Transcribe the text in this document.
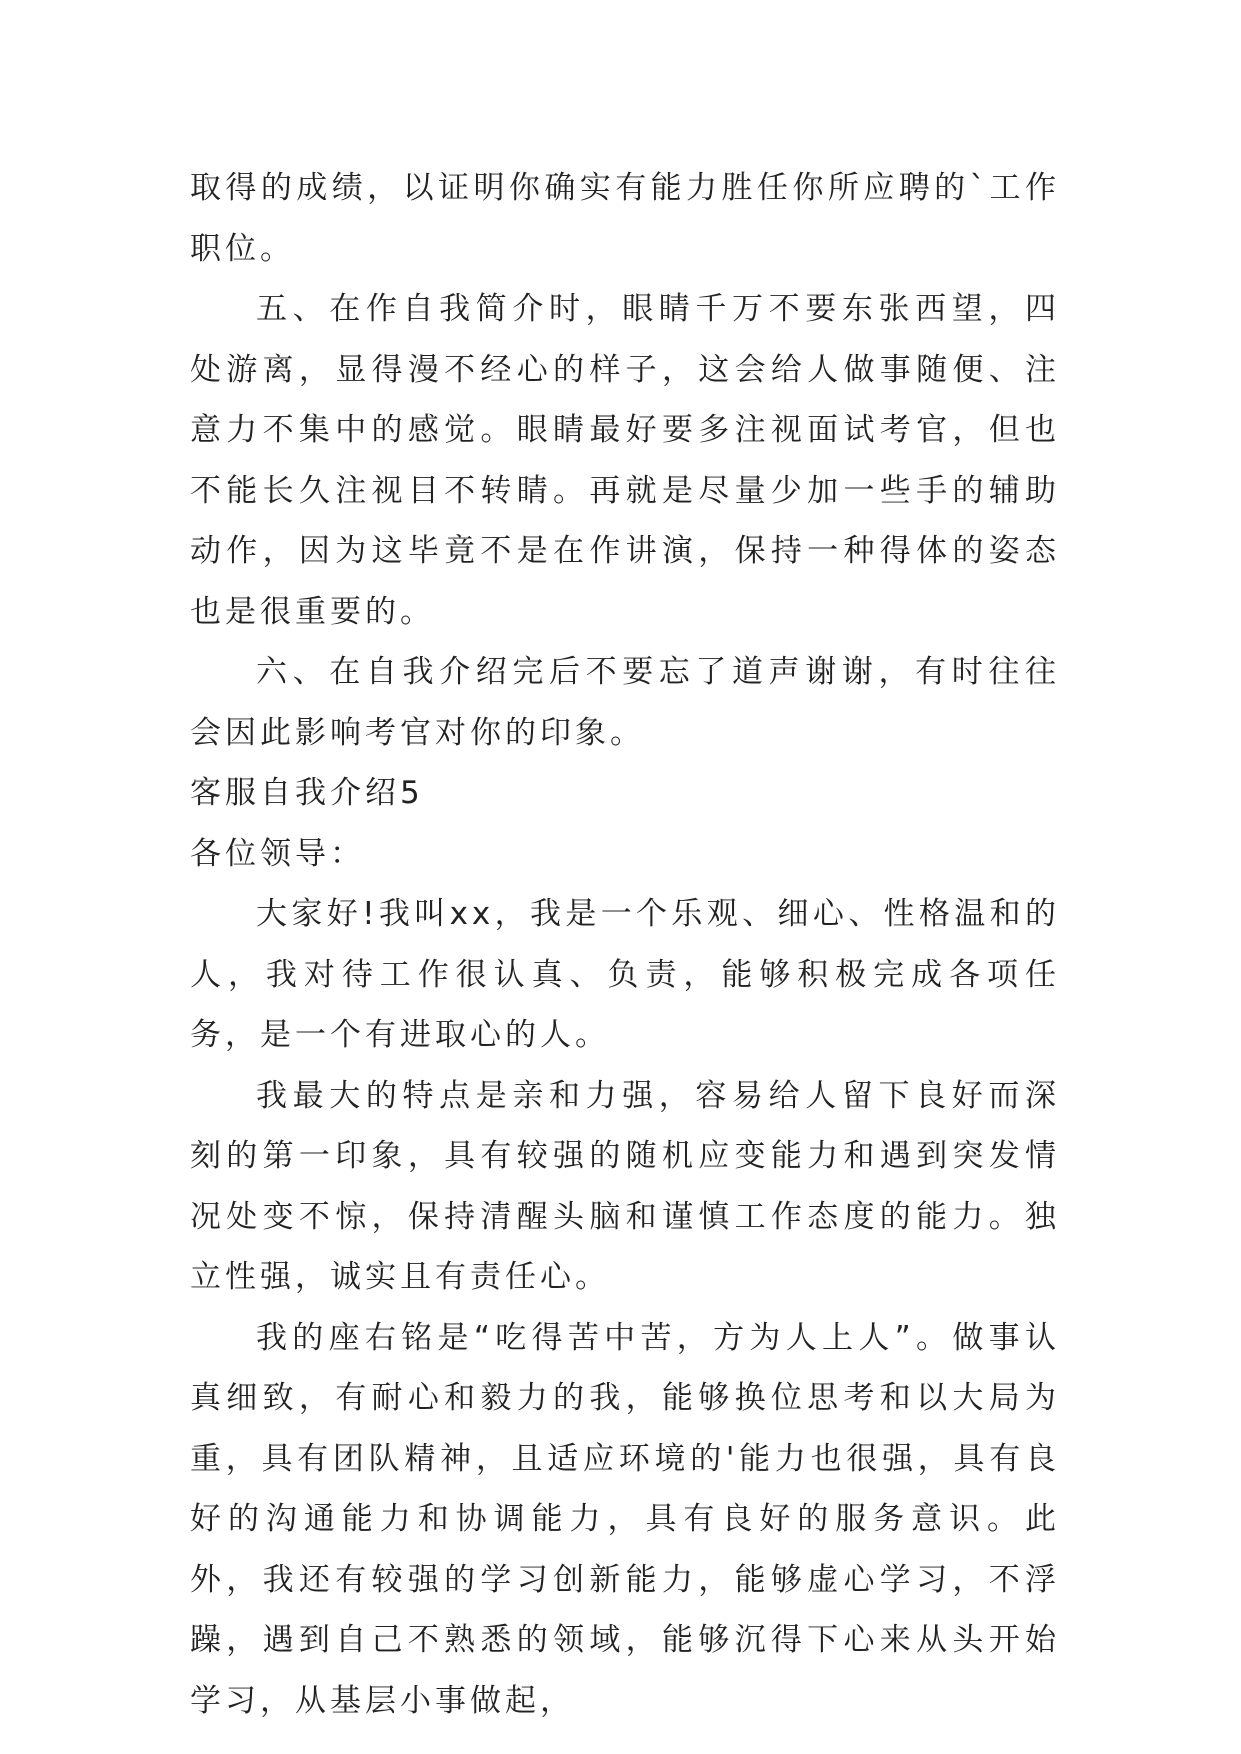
取得的成绩，以证明你确实有能力胜任你所应聘的`工作职位。

五、在作自我简介时，眼睛千万不要东张西望，四处游离，显得漫不经心的样子，这会给人做事随便、注意力不集中的感觉。眼睛最好要多注视面试考官，但也不能长久注视目不转睛。再就是尽量少加一些手的辅助动作，因为这毕竟不是在作讲演，保持一种得体的姿态也是很重要的。

六、在自我介绍完后不要忘了道声谢谢，有时往往会因此影响考官对你的印象。

客服自我介绍5

各位领导：

大家好!我叫xx，我是一个乐观、细心、性格温和的人，我对待工作很认真、负责，能够积极完成各项任务，是一个有进取心的人。

我最大的特点是亲和力强，容易给人留下良好而深刻的第一印象，具有较强的随机应变能力和遇到突发情况处变不惊，保持清醒头脑和谨慎工作态度的能力。独立性强，诚实且有责任心。

我的座右铭是“吃得苦中苦，方为人上人”。做事认真细致，有耐心和毅力的我，能够换位思考和以大局为重，具有团队精神，且适应环境的'能力也很强，具有良好的沟通能力和协调能力，具有良好的服务意识。此外，我还有较强的学习创新能力，能够虚心学习，不浮躁，遇到自己不熟悉的领域，能够沉得下心来从头开始学习，从基层小事做起，
